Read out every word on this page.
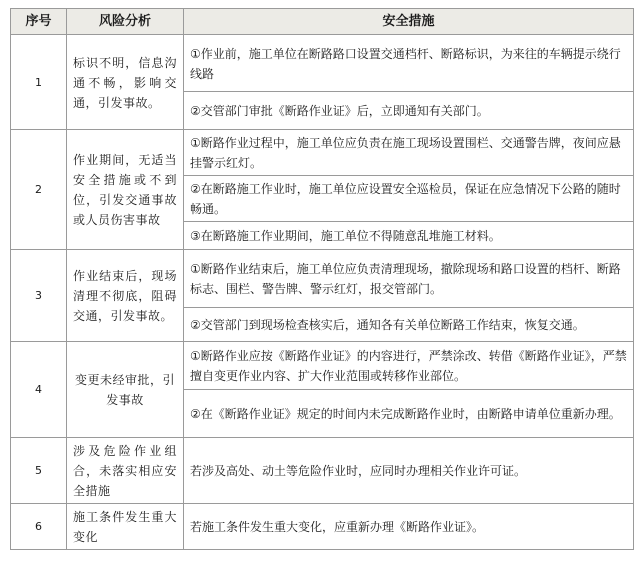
序号	风险分析	安全措施
1	标识不明，信息沟通不畅，影响交通，引发事故。	①作业前，施工单位在断路路口设置交通档杆、断路标识，为来往的车辆提示绕行线路
		②交管部门审批《断路作业证》后，立即通知有关部门。
2	作业期间，无适当安全措施或不到位，引发交通事故或人员伤害事故	①断路作业过程中，施工单位应负责在施工现场设置围栏、交通警告牌，夜间应悬挂警示红灯。
		②在断路施工作业时，施工单位应设置安全巡检员，保证在应急情况下公路的随时畅通。
		③在断路施工作业期间，施工单位不得随意乱堆施工材料。
3	作业结束后，现场清理不彻底，阻碍交通，引发事故。	①断路作业结束后，施工单位应负责清理现场，撤除现场和路口设置的档杆、断路标志、围栏、警告牌、警示红灯，报交管部门。
		②交管部门到现场检查核实后，通知各有关单位断路工作结束，恢复交通。
4	变更未经审批，引发事故	①断路作业应按《断路作业证》的内容进行，严禁涂改、转借《断路作业证》，严禁擅自变更作业内容、扩大作业范围或转移作业部位。
		②在《断路作业证》规定的时间内未完成断路作业时，由断路申请单位重新办理。
5	涉及危险作业组合，未落实相应安全措施	若涉及高处、动土等危险作业时，应同时办理相关作业许可证。
6	施工条件发生重大变化	若施工条件发生重大变化，应重新办理《断路作业证》。
